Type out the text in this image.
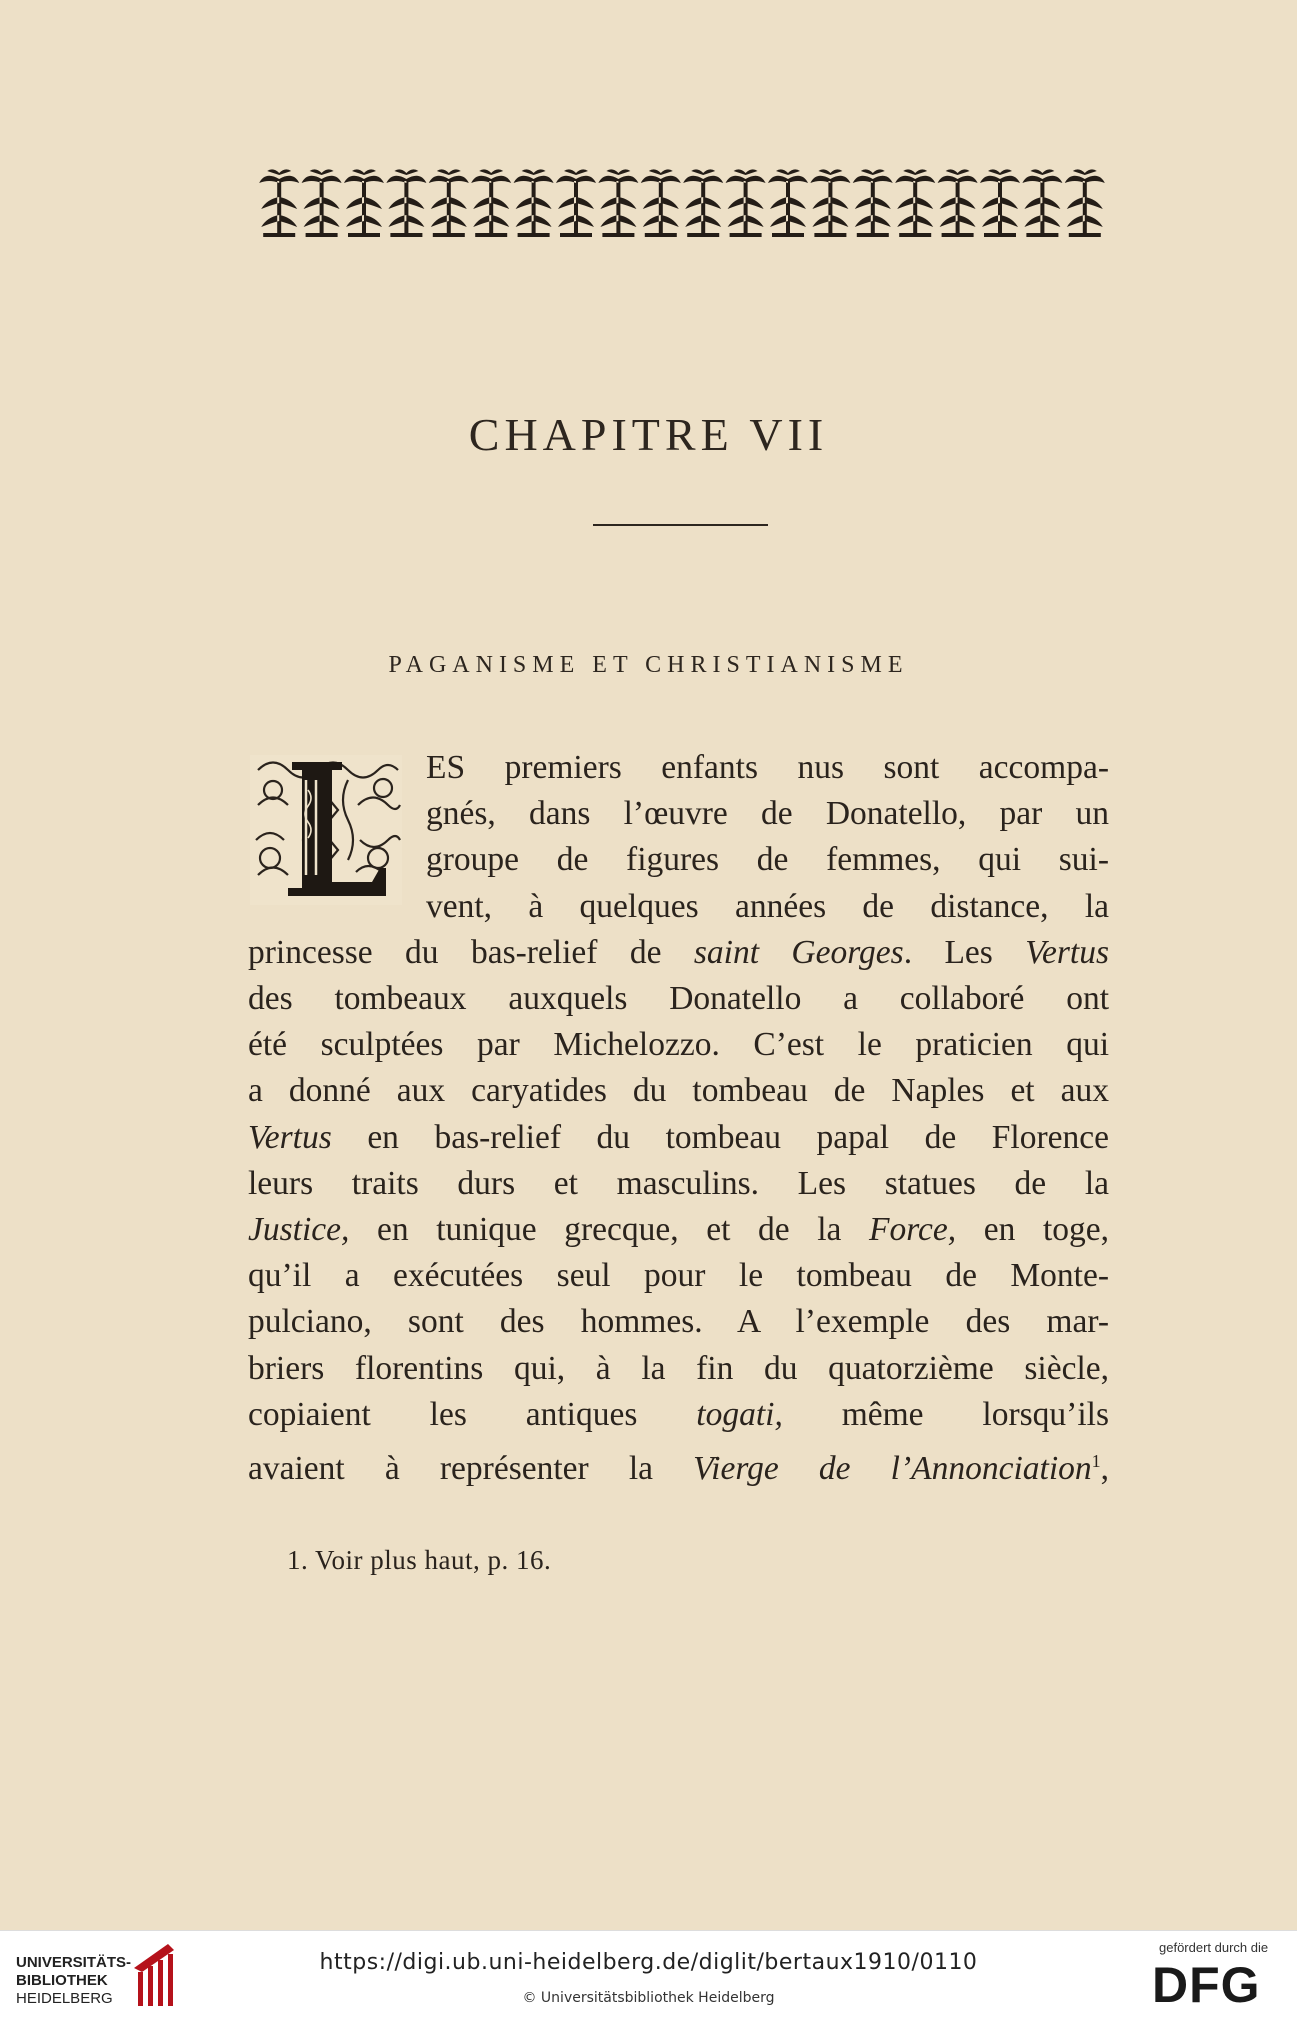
CHAPITRE VII
PAGANISME ET CHRISTIANISME
ES premiers enfants nus sont accompa-
gnés, dans l’œuvre de Donatello, par un
groupe de figures de femmes, qui sui-
vent, à quelques années de distance, la
princesse du bas-relief de saint Georges. Les Vertus
des tombeaux auxquels Donatello a collaboré ont
été sculptées par Michelozzo. C’est le praticien qui
a donné aux caryatides du tombeau de Naples et aux
Vertus en bas-relief du tombeau papal de Florence
leurs traits durs et masculins. Les statues de la
Justice, en tunique grecque, et de la Force, en toge,
qu’il a exécutées seul pour le tombeau de Monte-
pulciano, sont des hommes. A l’exemple des mar-
briers florentins qui, à la fin du quatorzième siècle,
copiaient les antiques togati, même lorsqu’ils
avaient à représenter la Vierge de l’Annonciation$^1$,
1. Voir plus haut, p. 16.
UNIVERSITÄTS-
BIBLIOTHEK
HEIDELBERG
https://digi.ub.uni-heidelberg.de/diglit/bertaux1910/0110
© Universitätsbibliothek Heidelberg
gefördert durch die
DFG
